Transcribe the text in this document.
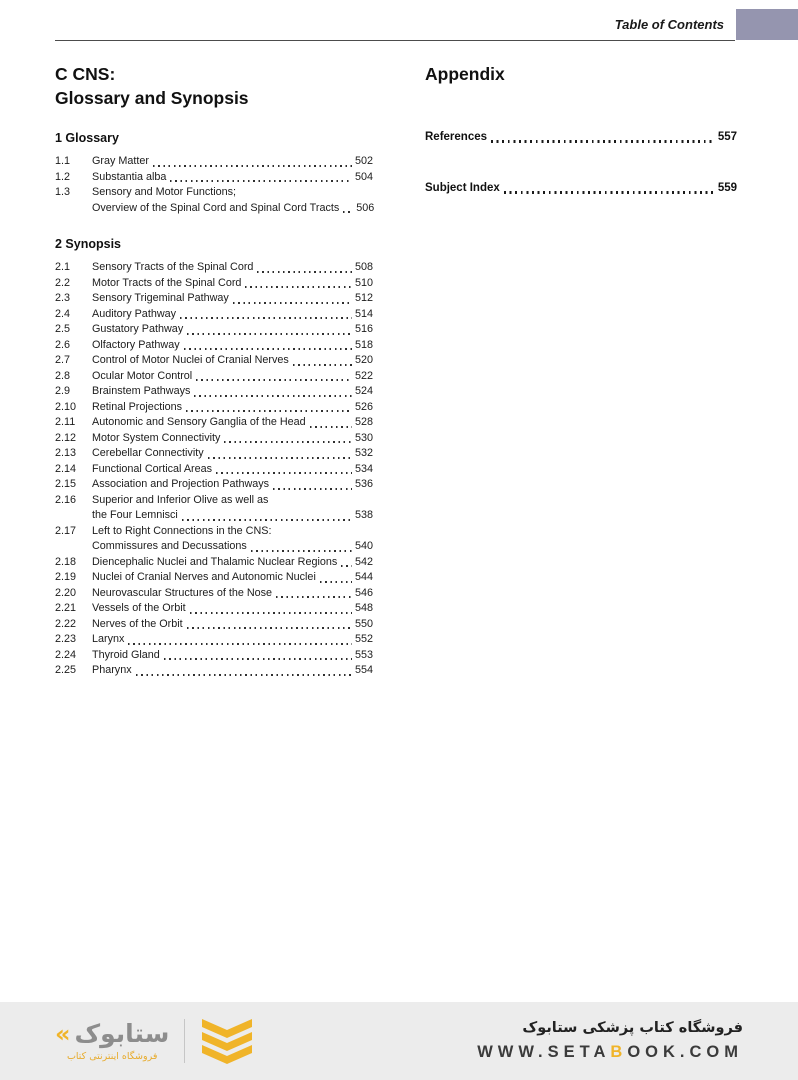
Table of Contents
C CNS:
Glossary and Synopsis
1 Glossary
1.1	Gray Matter	502
1.2	Substantia alba	504
1.3	Sensory and Motor Functions;
Overview of the Spinal Cord and Spinal Cord Tracts 506
2 Synopsis
2.1	Sensory Tracts of the Spinal Cord	508
2.2	Motor Tracts of the Spinal Cord	510
2.3	Sensory Trigeminal Pathway	512
2.4	Auditory Pathway	514
2.5	Gustatory Pathway	516
2.6	Olfactory Pathway	518
2.7	Control of Motor Nuclei of Cranial Nerves	520
2.8	Ocular Motor Control	522
2.9	Brainstem Pathways	524
2.10	Retinal Projections	526
2.11	Autonomic and Sensory Ganglia of the Head	528
2.12	Motor System Connectivity	530
2.13	Cerebellar Connectivity	532
2.14	Functional Cortical Areas	534
2.15	Association and Projection Pathways	536
2.16	Superior and Inferior Olive as well as
the Four Lemnisci	538
2.17	Left to Right Connections in the CNS:
Commissures and Decussations	540
2.18	Diencephalic Nuclei and Thalamic Nuclear Regions 542
2.19	Nuclei of Cranial Nerves and Autonomic Nuclei	544
2.20	Neurovascular Structures of the Nose	546
2.21	Vessels of the Orbit	548
2.22	Nerves of the Orbit	550
2.23	Larynx	552
2.24	Thyroid Gland	553
2.25	Pharynx	554
Appendix
References	557
Subject Index	559
« ستابوک
فروشگاه اینترنتی کتاب
فروشگاه کتاب پزشکی ستابوک
WWW.SETABOOK.COM
